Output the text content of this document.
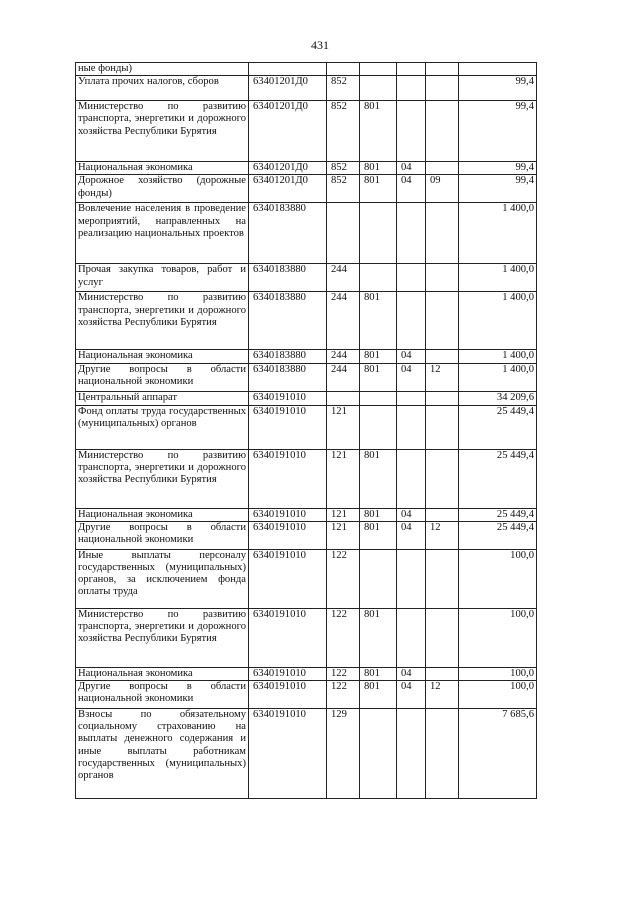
431
ные фонды)						
Уплата прочих налогов, сборов	63401201Д0	852				99,4
Министерство по развитию транспорта, энергетики и дорожного хозяйства Республики Бурятия	63401201Д0	852	801			99,4
Национальная экономика	63401201Д0	852	801	04		99,4
Дорожное хозяйство (дорожные фонды)	63401201Д0	852	801	04	09	99,4
Вовлечение населения в проведение мероприятий, направленных на реализацию национальных проектов	6340183880					1 400,0
Прочая закупка товаров, работ и услуг	6340183880	244				1 400,0
Министерство по развитию транспорта, энергетики и дорожного хозяйства Республики Бурятия	6340183880	244	801			1 400,0
Национальная экономика	6340183880	244	801	04		1 400,0
Другие вопросы в области национальной экономики	6340183880	244	801	04	12	1 400,0
Центральный аппарат	6340191010					34 209,6
Фонд оплаты труда государственных (муниципальных) органов	6340191010	121				25 449,4
Министерство по развитию транспорта, энергетики и дорожного хозяйства Республики Бурятия	6340191010	121	801			25 449,4
Национальная экономика	6340191010	121	801	04		25 449,4
Другие вопросы в области национальной экономики	6340191010	121	801	04	12	25 449,4
Иные выплаты персоналу государственных (муниципальных) органов, за исключением фонда оплаты труда	6340191010	122				100,0
Министерство по развитию транспорта, энергетики и дорожного хозяйства Республики Бурятия	6340191010	122	801			100,0
Национальная экономика	6340191010	122	801	04		100,0
Другие вопросы в области национальной экономики	6340191010	122	801	04	12	100,0
Взносы по обязательному социальному страхованию на выплаты денежного содержания и иные выплаты работникам государственных (муниципальных) органов	6340191010	129				7 685,6
